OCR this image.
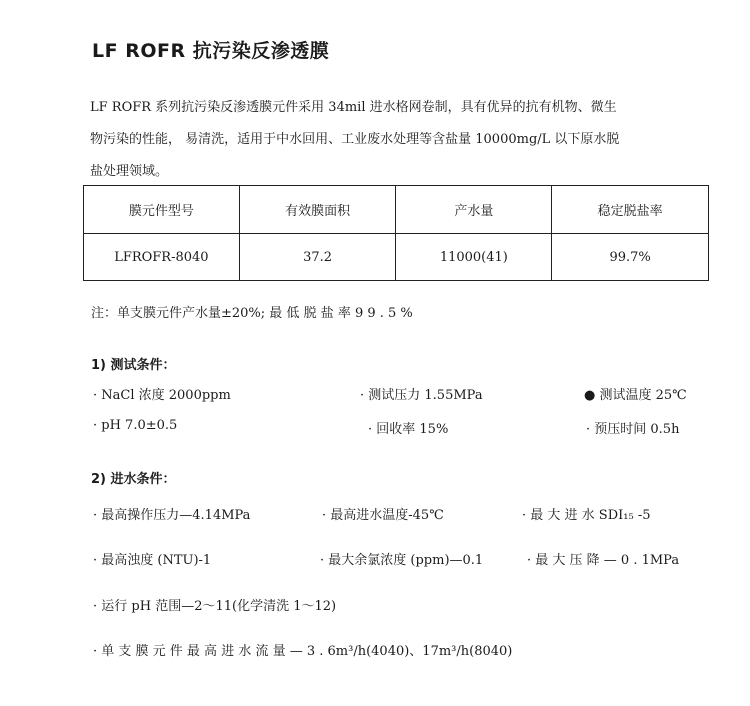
LF ROFR 抗污染反渗透膜
LF ROFR 系列抗污染反渗透膜元件采用 34mil 进水格网卷制，具有优异的抗有机物、微生
物污染的性能， 易清洗，适用于中水回用、工业废水处理等含盐量 10000mg/L 以下原水脱
盐处理领域。
膜元件型号	有效膜面积	产水量	稳定脱盐率
LFROFR-8040	37.2	11000(41)	99.7%
注：单支膜元件产水量±20%; 最 低 脱 盐 率 9 9 . 5 %
1) 测试条件：
· NaCl 浓度 2000ppm	· 测试压力 1.55MPa	● 测试温度 25℃
· pH 7.0±0.5	· 回收率 15%	· 预压时间 0.5h
2) 进水条件：
· 最高操作压力—4.14MPa	· 最高进水温度-45℃	· 最 大 进 水 SDI₁₅ -5
· 最高浊度 (NTU)-1	· 最大余氯浓度 (ppm)—0.1	· 最 大 压 降 — 0 . 1MPa
· 运行 pH 范围—2～11(化学清洗 1～12)
· 单 支 膜 元 件 最 高 进 水 流 量 — 3 . 6m³/h(4040)、17m³/h(8040)
